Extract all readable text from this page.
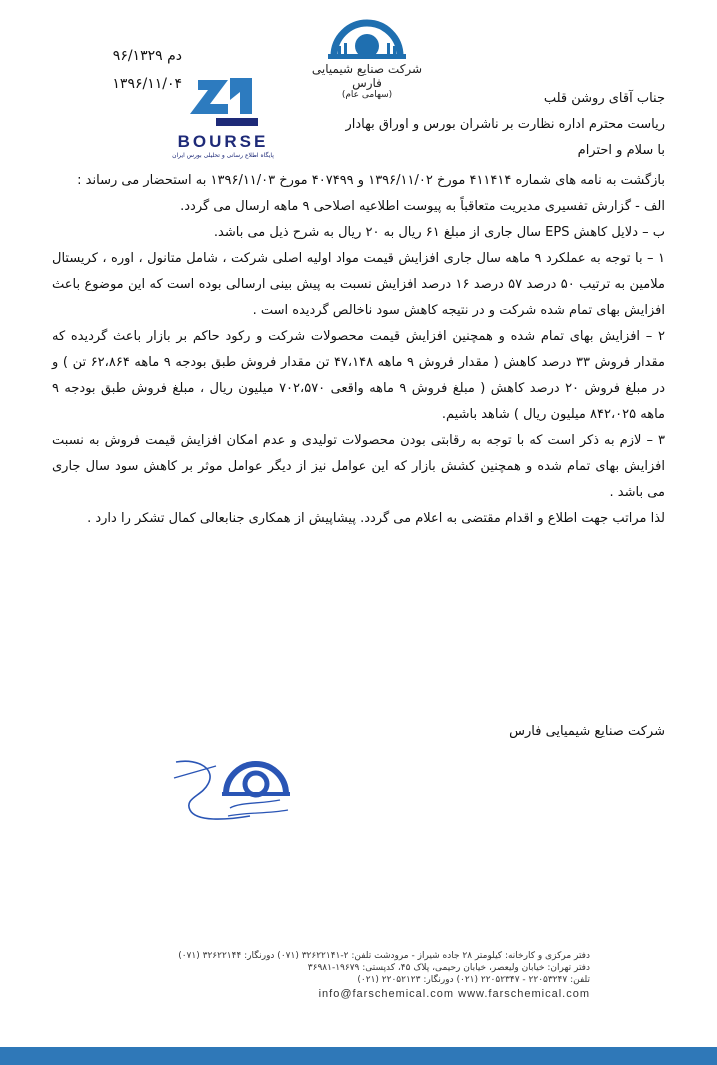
دم ۹۶/۱۳۲۹
۱۳۹۶/۱۱/۰۴
شرکت صنایع شیمیایی فارس
(سهامی عام)
BOURSE
پایگاه اطلاع رسانی و تحلیلی بورس ایران

جناب آقای روشن قلب

ریاست محترم اداره نظارت بر ناشران بورس و اوراق بهادار

با سلام و احترام

بازگشت به نامه های شماره ۴۱۱۴۱۴ مورخ ۱۳۹۶/۱۱/۰۲ و ۴۰۷۴۹۹ مورخ ۱۳۹۶/۱۱/۰۳ به استحضار می رساند :

الف - گزارش تفسیری مدیریت متعاقباً به پیوست اطلاعیه اصلاحی ۹ ماهه ارسال می گردد.

ب – دلایل کاهش EPS سال جاری از مبلغ ۶۱ ریال به ۲۰ ریال به شرح ذیل می باشد.

۱ – با توجه به عملکرد ۹ ماهه سال جاری افزایش قیمت مواد اولیه اصلی شرکت ، شامل متانول ، اوره ، کریستال ملامین به ترتیب ۵۰ درصد ۵۷ درصد ۱۶ درصد افزایش نسبت به پیش بینی ارسالی بوده است که این موضوع باعث افزایش بهای تمام شده شرکت و در نتیجه کاهش سود ناخالص گردیده است .

۲ – افزایش بهای تمام شده و همچنین افزایش قیمت محصولات شرکت و رکود حاکم بر بازار باعث گردیده که مقدار فروش ۳۳ درصد کاهش ( مقدار فروش ۹ ماهه ۴۷،۱۴۸ تن مقدار فروش طبق بودجه ۹ ماهه ۶۲،۸۶۴ تن ) و در مبلغ فروش ۲۰ درصد کاهش ( مبلغ فروش ۹ ماهه واقعی ۷۰۲،۵۷۰ میلیون ریال ، مبلغ فروش طبق بودجه ۹ ماهه ۸۴۲،۰۲۵ میلیون ریال ) شاهد باشیم.

۳ – لازم به ذکر است که با توجه به رقابتی بودن محصولات تولیدی و عدم امکان افزایش قیمت فروش به نسبت افزایش بهای تمام شده و همچنین کشش بازار که این عوامل نیز از دیگر عوامل موثر بر کاهش سود سال جاری می باشد .

لذا مراتب جهت اطلاع و اقدام مقتضی به اعلام می گردد. پیشاپیش از همکاری جنابعالی کمال تشکر را دارد .

شرکت صنایع شیمیایی فارس
دفتر مرکزی و کارخانه: کیلومتر ۲۸ جاده شیراز - مرودشت تلفن: ۲-۳۲۶۲۲۱۴۱ (۰۷۱) دورنگار: ۳۲۶۲۲۱۴۴ (۰۷۱)
دفتر تهران: خیابان ولیعصر، خیابان رحیمی، پلاک ۴۵، کدپستی: ۱۹۶۷۹-۳۶۹۸۱
تلفن: ۲۲۰۵۳۲۴۷ - ۲۲۰۵۲۳۴۷ (۰۲۱) دورنگار: ۲۲۰۵۲۱۲۳ (۰۲۱)
info@farschemical.com www.farschemical.com
